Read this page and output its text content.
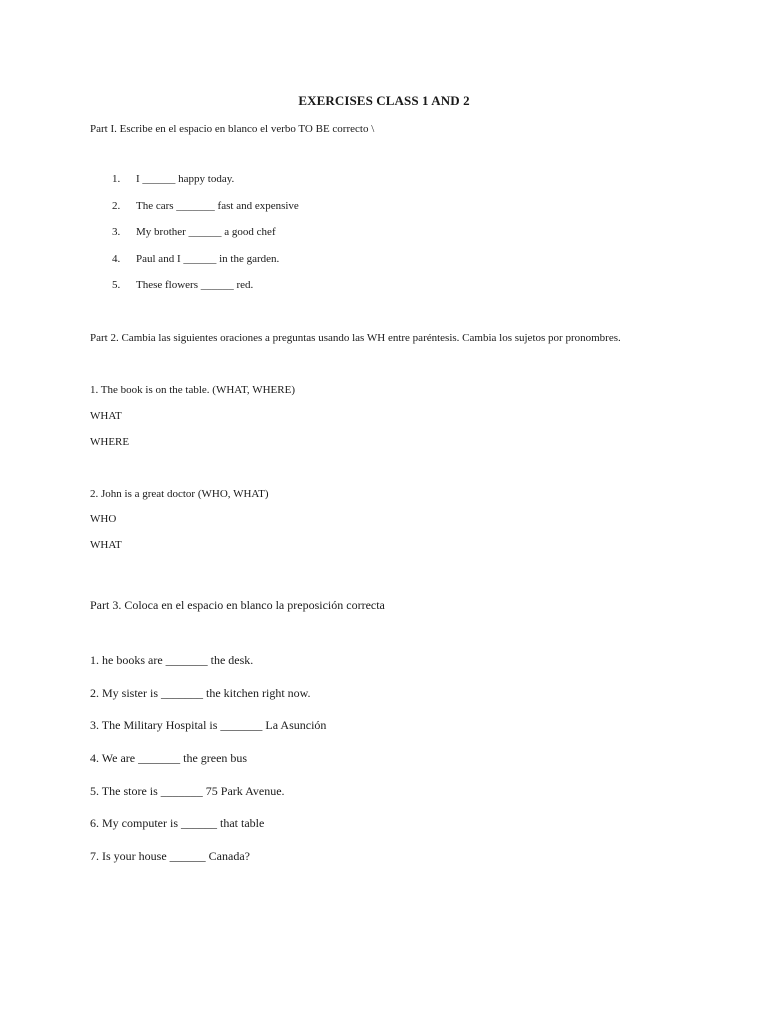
EXERCISES CLASS 1 AND 2
Part I. Escribe en el espacio en blanco el verbo TO BE correcto \
1. I ______ happy today.
2. The cars _______ fast and expensive
3. My brother ______ a good chef
4. Paul and I ______ in the garden.
5. These flowers ______ red.
Part 2. Cambia las siguientes oraciones a preguntas usando las WH entre paréntesis. Cambia los sujetos por pronombres.
1. The book is on the table. (WHAT, WHERE)
WHAT
WHERE
2. John is a great doctor (WHO, WHAT)
WHO
WHAT
Part 3. Coloca en el espacio en blanco la preposición correcta
1. he books are _______ the desk.
2. My sister is _______ the kitchen right now.
3. The Military Hospital is _______ La Asunción
4. We are _______ the green bus
5. The store is _______ 75 Park Avenue.
6. My computer is ______ that table
7. Is your house ______ Canada?
